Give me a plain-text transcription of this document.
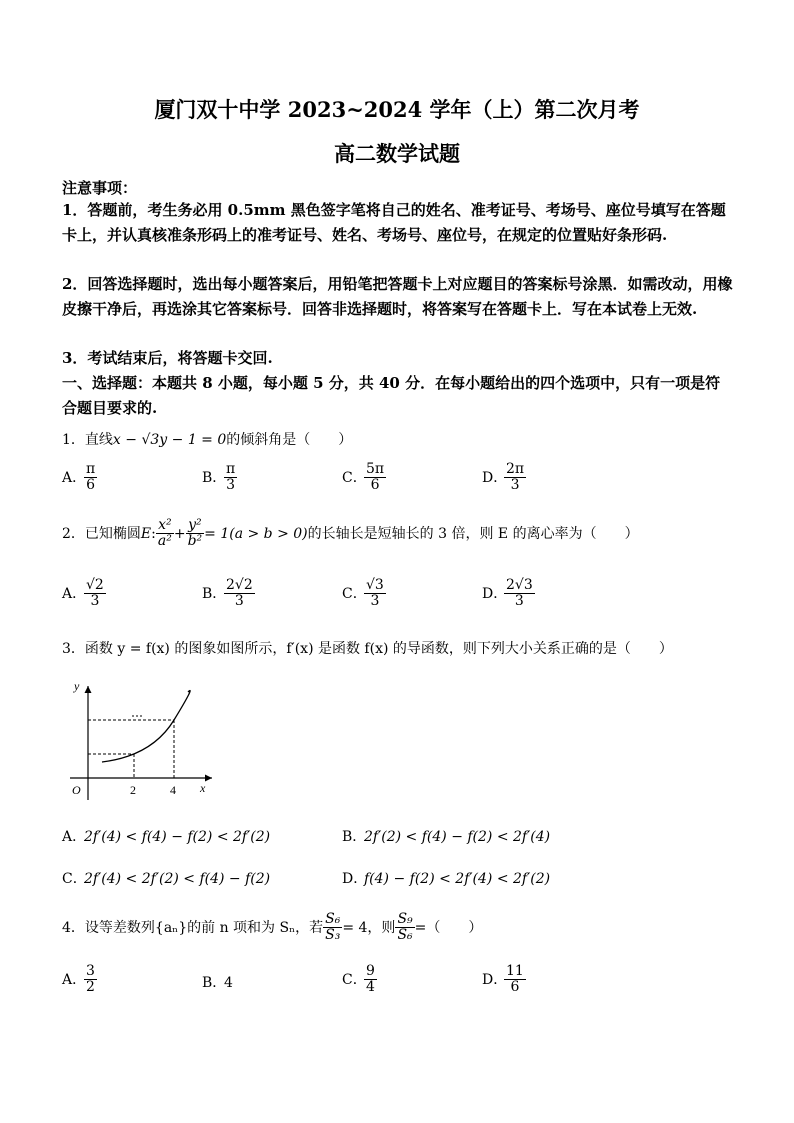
厦门双十中学 2023~2024 学年（上）第二次月考
高二数学试题
注意事项：
1．答题前，考生务必用 0.5mm 黑色签字笔将自己的姓名、准考证号、考场号、座位号填写在答题卡上，并认真核准条形码上的准考证号、姓名、考场号、座位号，在规定的位置贴好条形码.
2．回答选择题时，选出每小题答案后，用铅笔把答题卡上对应题目的答案标号涂黑．如需改动，用橡皮擦干净后，再选涂其它答案标号．回答非选择题时，将答案写在答题卡上．写在本试卷上无效.
3．考试结束后，将答题卡交回.
一、选择题：本题共 8 小题，每小题 5 分，共 40 分．在每小题给出的四个选项中，只有一项是符合题目要求的.
1．直线x − √3y − 1 = 0的倾斜角是（　　）
A．
$\frac{\pi}{6}$	B．
$\frac{\pi}{3}$	C．
$\frac{5\pi}{6}$	D．
$\frac{2\pi}{3}$
2．已知椭圆E: $\frac{\text{x²}}{\text{a²}} + \frac{\text{y²}}{\text{b²}} = 1(a > b > 0)$的长轴长是短轴长的 3 倍，则 E 的离心率为（　　）
A．
$\frac{√2}{3}$	B．
$\frac{2√2}{3}$	C．
$\frac{√3}{3}$	D．
$\frac{2√3}{3}$
3．函数 y = f(x) 的图象如图所示，f′(x) 是函数 f(x) 的导函数，则下列大小关系正确的是（　　）
y
x
O	2	4
A．2f′(4) < f(4) − f(2) < 2f′(2)	B．2f′(2) < f(4) − f(2) < 2f′(4)
C．2f′(4) < 2f′(2) < f(4) − f(2)	D．f(4) − f(2) < 2f′(4) < 2f′(2)
4．设等差数列{aₙ}的前 n 项和为 Sₙ，若 $\frac{\text{S₆}}{\text{S₃}} = 4$，则 $\frac{\text{S₉}}{\text{S₆}}$ =（　　）
A．
$\frac{3}{2}$	B．4	C．
$\frac{9}{4}$	D．
$\frac{11}{6}$
